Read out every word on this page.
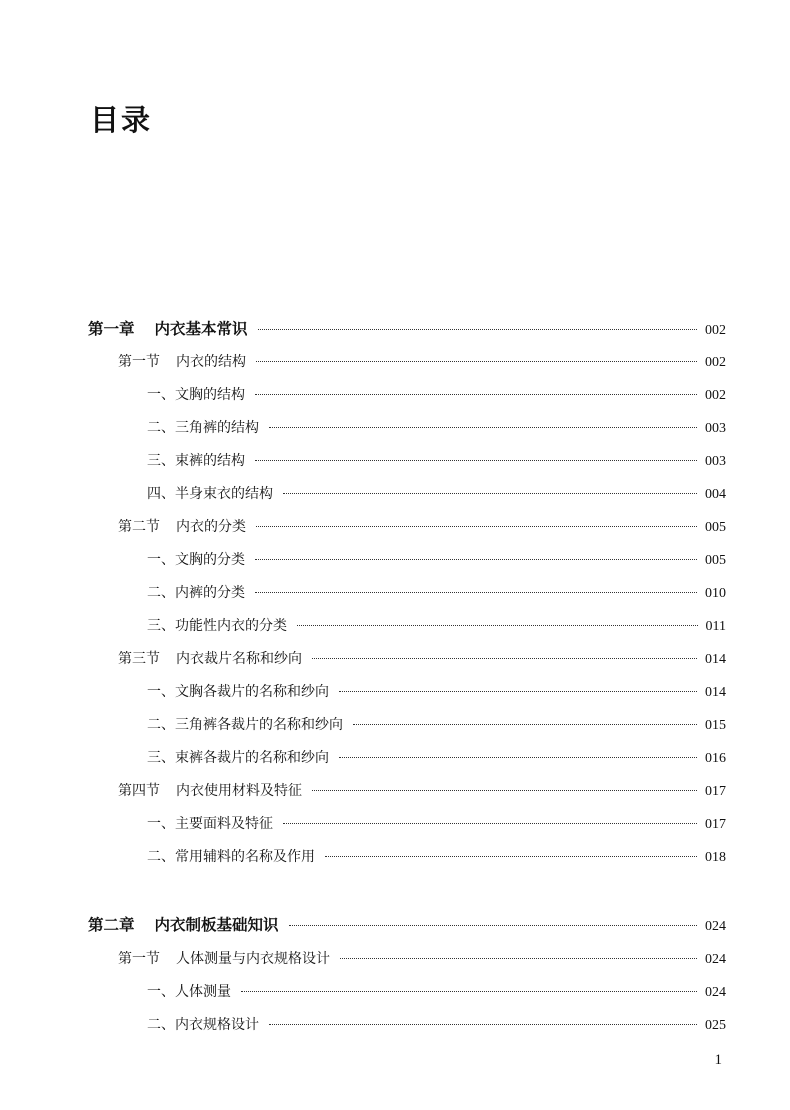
目录
第一章 内衣基本常识	002
第一节 内衣的结构	002
一、文胸的结构	002
二、三角裤的结构	003
三、束裤的结构	003
四、半身束衣的结构	004
第二节 内衣的分类	005
一、文胸的分类	005
二、内裤的分类	010
三、功能性内衣的分类	011
第三节 内衣裁片名称和纱向	014
一、文胸各裁片的名称和纱向	014
二、三角裤各裁片的名称和纱向	015
三、束裤各裁片的名称和纱向	016
第四节 内衣使用材料及特征	017
一、主要面料及特征	017
二、常用辅料的名称及作用	018
第二章 内衣制板基础知识	024
第一节 人体测量与内衣规格设计	024
一、人体测量	024
二、内衣规格设计	025
1
